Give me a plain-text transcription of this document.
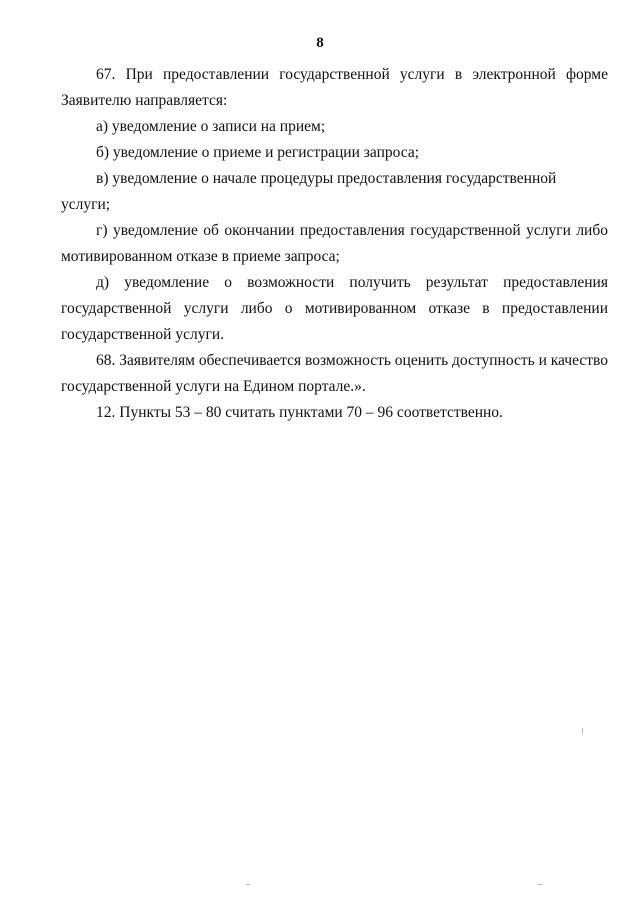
8
67. При предоставлении государственной услуги в электронной форме
Заявителю направляется:
а) уведомление о записи на прием;
б) уведомление о приеме и регистрации запроса;
в) уведомление о начале процедуры предоставления государственной услуги;
г) уведомление об окончании предоставления государственной услуги либо
мотивированном отказе в приеме запроса;
д) уведомление о возможности получить результат предоставления
государственной услуги либо о мотивированном отказе в предоставлении
государственной услуги.
68. Заявителям обеспечивается возможность оценить доступность и качество
государственной услуги на Едином портале.».
12. Пункты 53 – 80 считать пунктами 70 – 96 соответственно.
